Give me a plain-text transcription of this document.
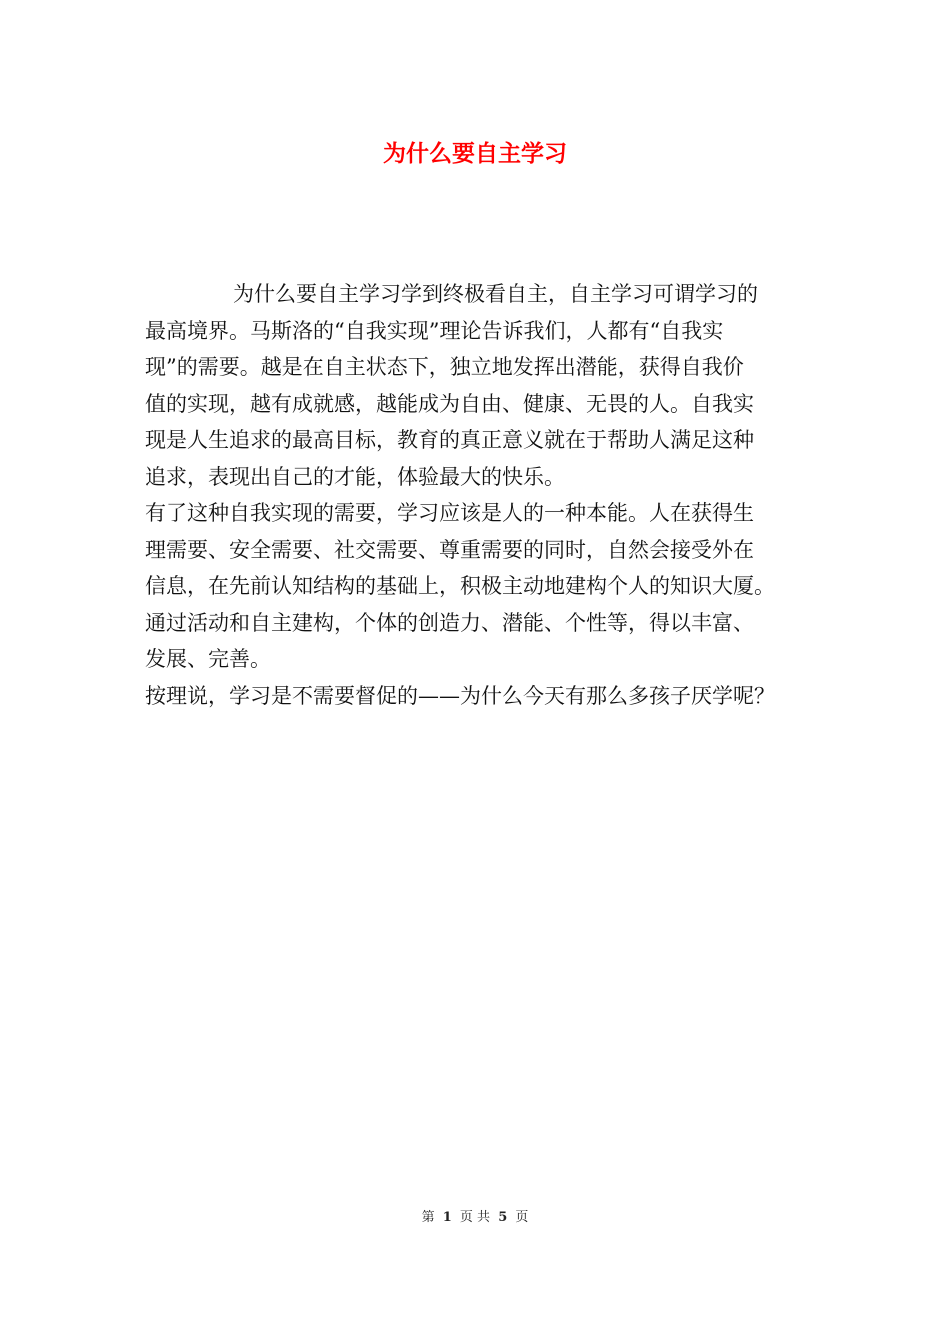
为什么要自主学习

为什么要自主学习学到终极看自主，自主学习可谓学习的
最高境界。马斯洛的“自我实现”理论告诉我们，人都有“自我实
现”的需要。越是在自主状态下，独立地发挥出潜能，获得自我价
值的实现，越有成就感，越能成为自由、健康、无畏的人。自我实
现是人生追求的最高目标，教育的真正意义就在于帮助人满足这种
追求，表现出自己的才能，体验最大的快乐。

有了这种自我实现的需要，学习应该是人的一种本能。人在获得生
理需要、安全需要、社交需要、尊重需要的同时，自然会接受外在
信息，在先前认知结构的基础上，积极主动地建构个人的知识大厦。
通过活动和自主建构，个体的创造力、潜能、个性等，得以丰富、
发展、完善。

按理说，学习是不需要督促的——为什么今天有那么多孩子厌学呢？

第 1 页 共 5 页
